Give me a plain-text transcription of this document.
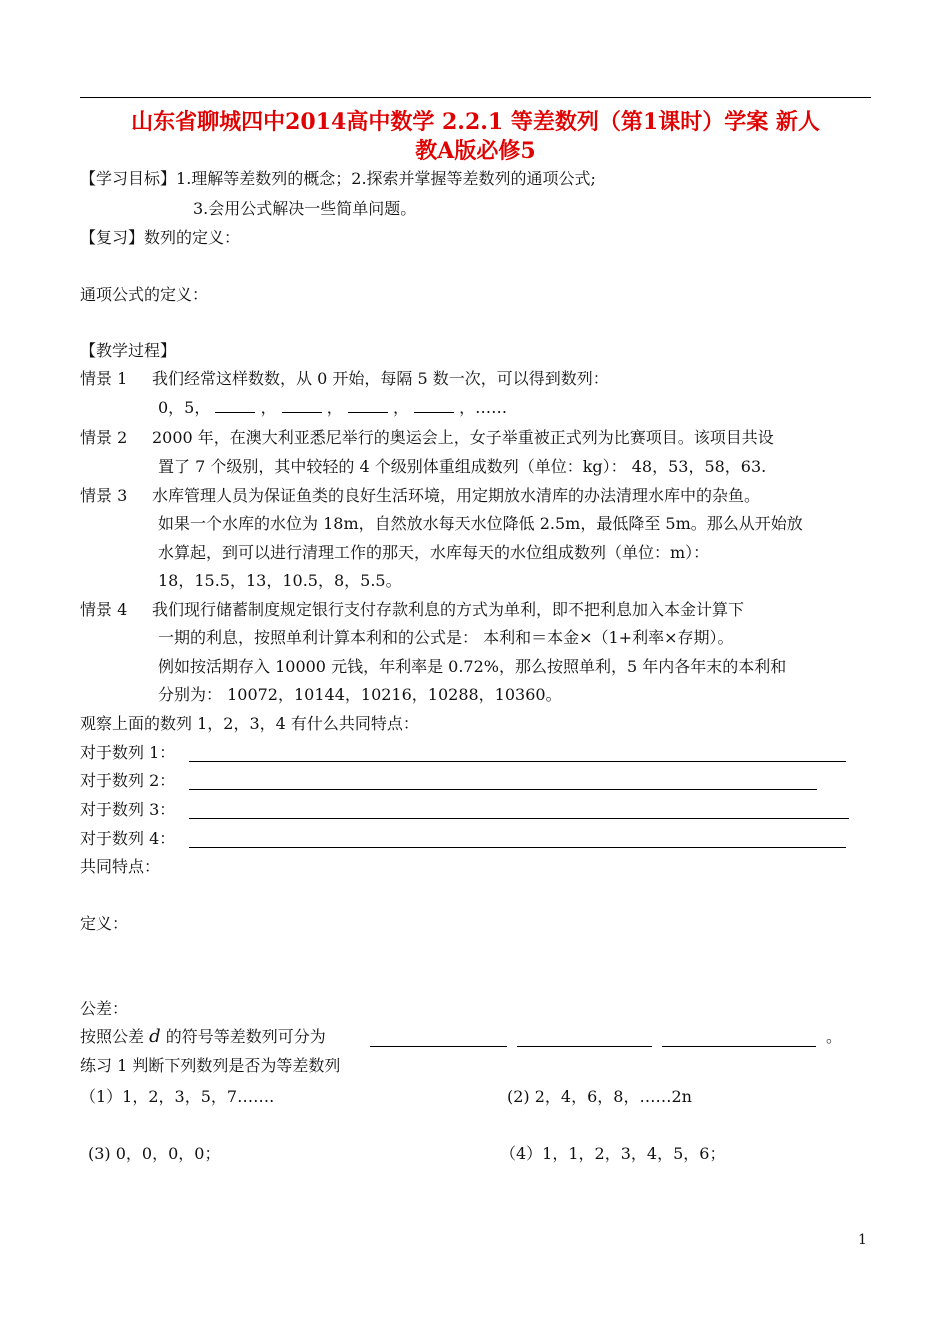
山东省聊城四中2014高中数学 2.2.1 等差数列（第1课时）学案 新人
教A版必修5
【学习目标】1.理解等差数列的概念；2.探索并掌握等差数列的通项公式;
3.会用公式解决一些简单问题。
【复习】数列的定义：
通项公式的定义：
【教学过程】
情景 1 我们经常这样数数，从 0 开始，每隔 5 数一次，可以得到数列：
0，5，	，	，	，	，……
情景 2 2000 年，在澳大利亚悉尼举行的奥运会上，女子举重被正式列为比赛项目。该项目共设
置了 7 个级别，其中较轻的 4 个级别体重组成数列（单位：kg）： 48，53，58，63.
情景 3 水库管理人员为保证鱼类的良好生活环境，用定期放水清库的办法清理水库中的杂鱼。
如果一个水库的水位为 18m，自然放水每天水位降低 2.5m，最低降至 5m。那么从开始放
水算起，到可以进行清理工作的那天，水库每天的水位组成数列（单位：m）：
18，15.5，13，10.5，8，5.5。
情景 4 我们现行储蓄制度规定银行支付存款利息的方式为单利，即不把利息加入本金计算下
一期的利息，按照单利计算本利和的公式是： 本利和＝本金×（1+利率×存期）。
例如按活期存入 10000 元钱，年利率是 0.72%，那么按照单利，5 年内各年末的本利和
分别为： 10072，10144，10216，10288，10360。
观察上面的数列 1，2，3，4 有什么共同特点：
对于数列 1：
对于数列 2：
对于数列 3：
对于数列 4：
共同特点：
定义：
公差：
按照公差 d 的符号等差数列可分为	。
练习 1 判断下列数列是否为等差数列
（1）1，2，3，5，7…….	(2) 2，4，6，8，……2n
(3) 0，0，0，0；	（4）1，1，2，3，4，5，6；
1
